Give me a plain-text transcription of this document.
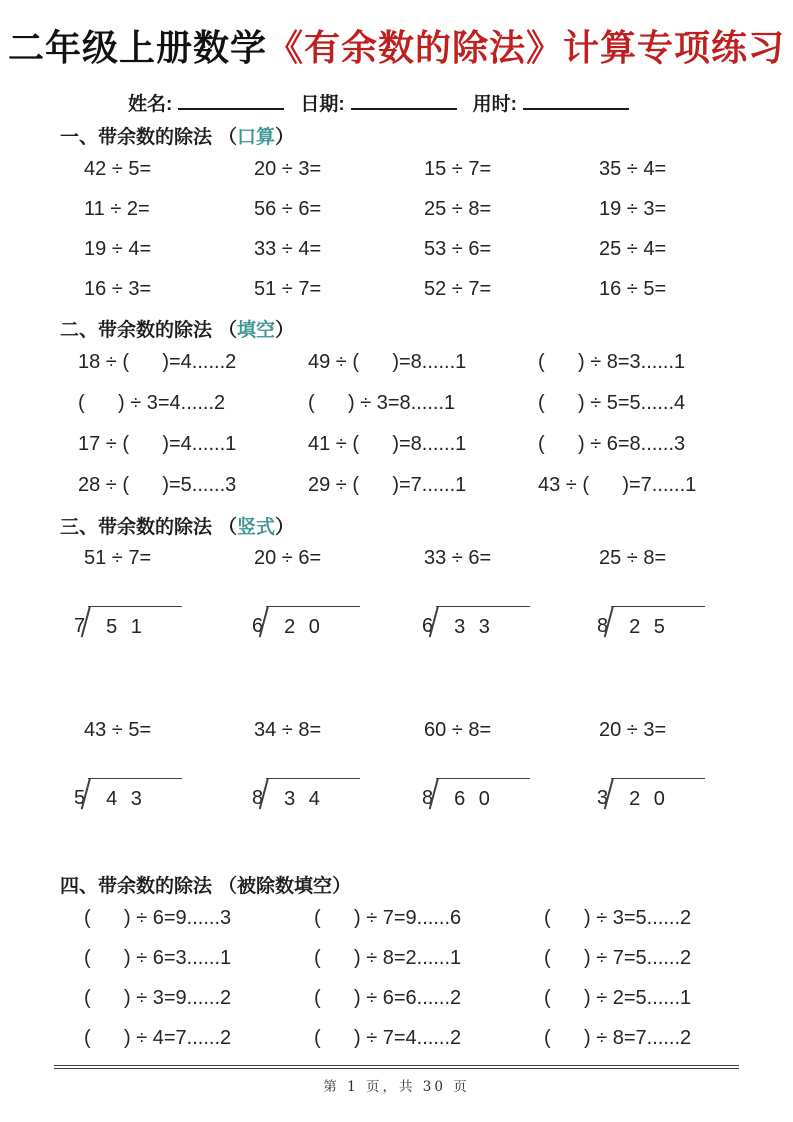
二年级上册数学《有余数的除法》计算专项练习
姓名:	日期:	用时:
一、带余数的除法 （口算）
42 ÷ 5=	20 ÷ 3=	15 ÷ 7=	35 ÷ 4=
11 ÷ 2=	56 ÷ 6=	25 ÷ 8=	19 ÷ 3=
19 ÷ 4=	33 ÷ 4=	53 ÷ 6=	25 ÷ 4=
16 ÷ 3=	51 ÷ 7=	52 ÷ 7=	16 ÷ 5=
二、带余数的除法 （填空）
18 ÷ (      )=4......2	49 ÷ (      )=8......1	(      ) ÷ 8=3......1
(      ) ÷ 3=4......2	(      ) ÷ 3=8......1	(      ) ÷ 5=5......4
17 ÷ (      )=4......1	41 ÷ (      )=8......1	(      ) ÷ 6=8......3
28 ÷ (      )=5......3	29 ÷ (      )=7......1	43 ÷ (      )=7......1
三、带余数的除法 （竖式）
51 ÷ 7=	20 ÷ 6=	33 ÷ 6=	25 ÷ 8=
7	5 1	6	2 0	6	3 3	8	2 5
43 ÷ 5=	34 ÷ 8=	60 ÷ 8=	20 ÷ 3=
5	4 3	8	3 4	8	6 0	3	2 0
四、带余数的除法 （被除数填空）
(      ) ÷ 6=9......3	(      ) ÷ 7=9......6	(      ) ÷ 3=5......2
(      ) ÷ 6=3......1	(      ) ÷ 8=2......1	(      ) ÷ 7=5......2
(      ) ÷ 3=9......2	(      ) ÷ 6=6......2	(      ) ÷ 2=5......1
(      ) ÷ 4=7......2	(      ) ÷ 7=4......2	(      ) ÷ 8=7......2
第 1 页，共 30 页
